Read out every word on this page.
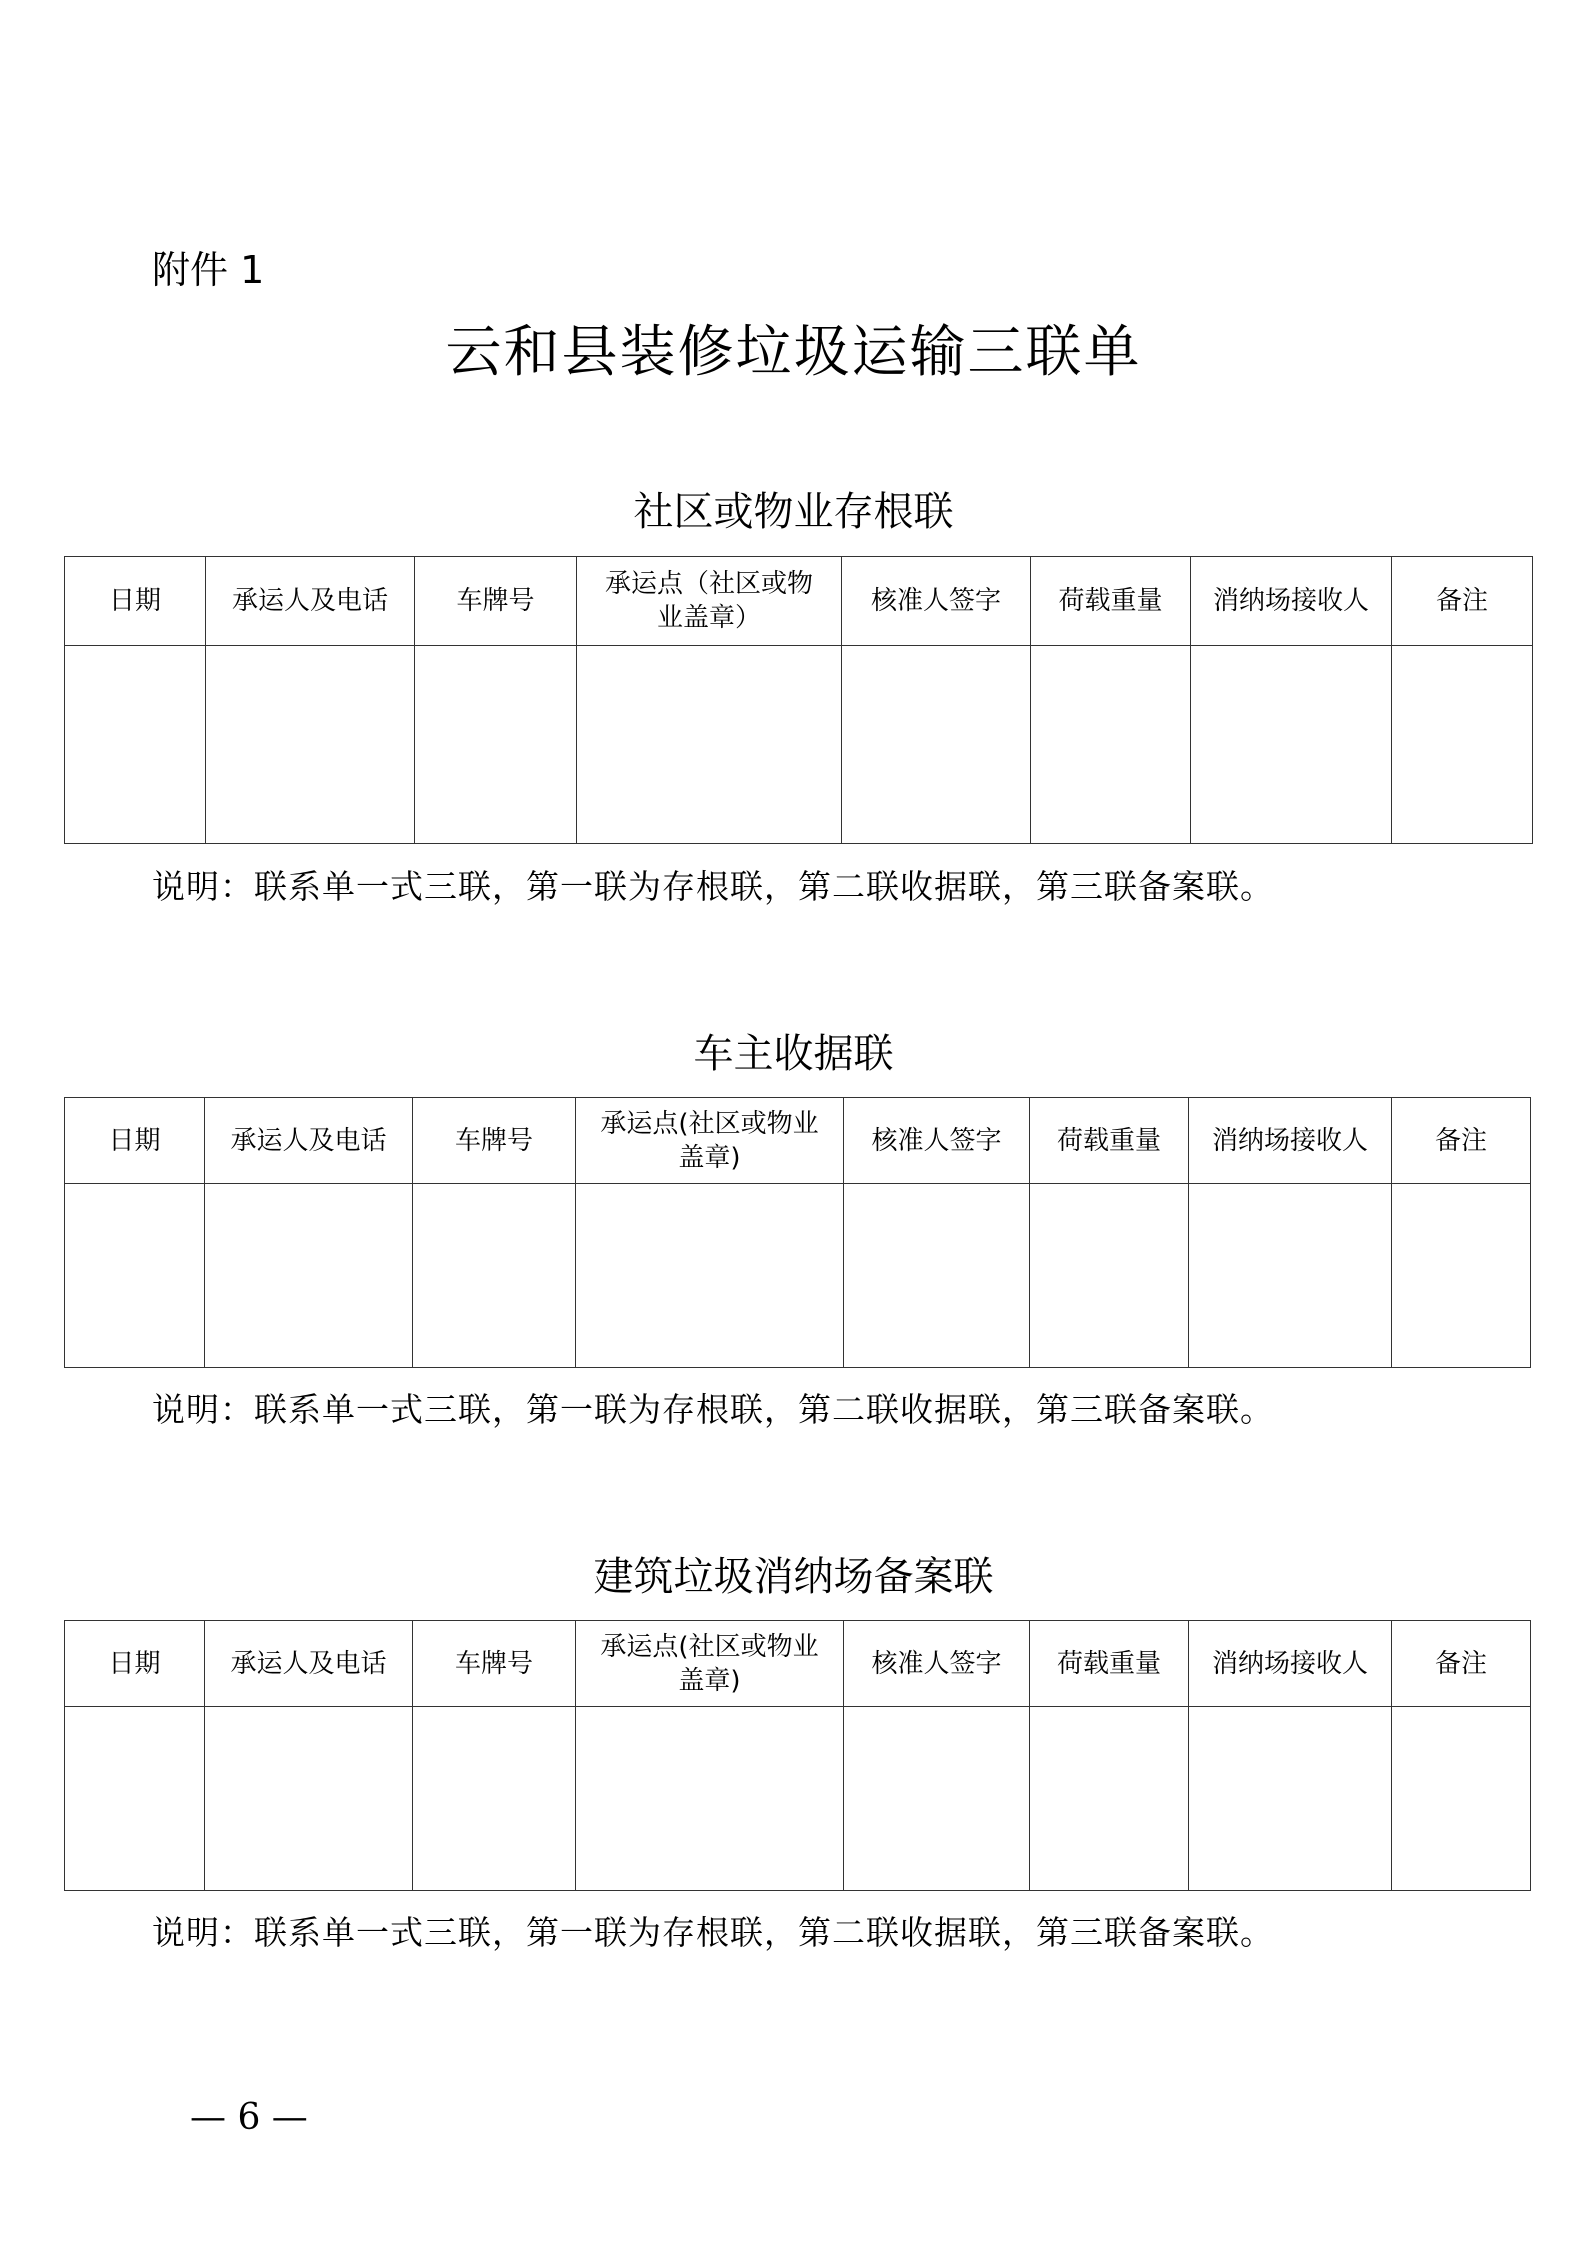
附件 1
云和县装修垃圾运输三联单
社区或物业存根联
日期	承运人及电话	车牌号	承运点（社区或物业盖章）	核准人签字	荷载重量	消纳场接收人	备注

说明：联系单一式三联，第一联为存根联，第二联收据联，第三联备案联。
车主收据联
日期	承运人及电话	车牌号	承运点(社区或物业盖章)	核准人签字	荷载重量	消纳场接收人	备注

说明：联系单一式三联，第一联为存根联，第二联收据联，第三联备案联。
建筑垃圾消纳场备案联
日期	承运人及电话	车牌号	承运点(社区或物业盖章)	核准人签字	荷载重量	消纳场接收人	备注

说明：联系单一式三联，第一联为存根联，第二联收据联，第三联备案联。
— 6 —
